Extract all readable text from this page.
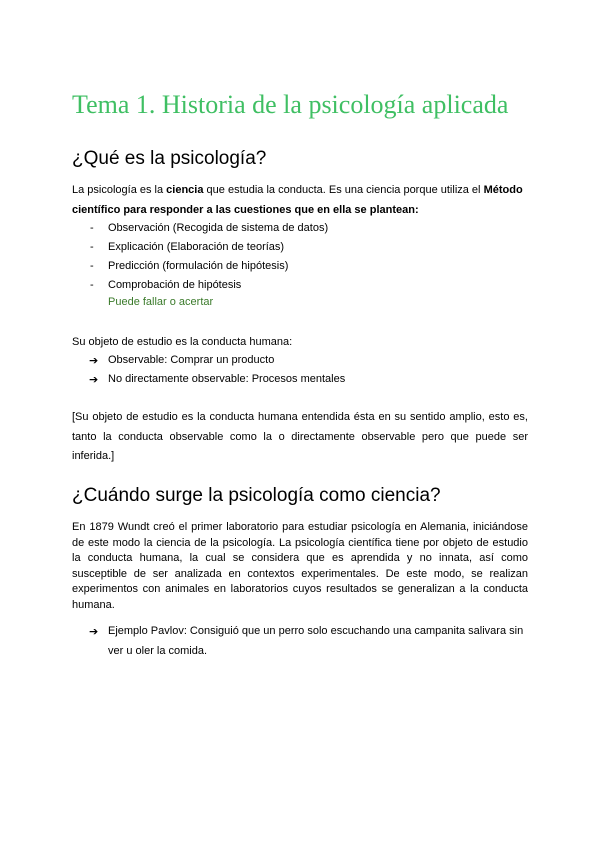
Tema 1. Historia de la psicología aplicada
¿Qué es la psicología?

La psicología es la ciencia que estudia la conducta. Es una ciencia porque utiliza el Método científico para responder a las cuestiones que en ella se plantean:

- Observación (Recogida de sistema de datos)
- Explicación (Elaboración de teorías)
- Predicción (formulación de hipótesis)
- Comprobación de hipótesis
Puede fallar o acertar

Su objeto de estudio es la conducta humana:

➔ Observable: Comprar un producto
➔ No directamente observable: Procesos mentales

[Su objeto de estudio es la conducta humana entendida ésta en su sentido amplio, esto es, tanto la conducta observable como la o directamente observable pero que puede ser inferida.]

¿Cuándo surge la psicología como ciencia?

En 1879 Wundt creó el primer laboratorio para estudiar psicología en Alemania, iniciándose de este modo la ciencia de la psicología. La psicología científica tiene por objeto de estudio la conducta humana, la cual se considera que es aprendida y no innata, así como susceptible de ser analizada en contextos experimentales. De este modo, se realizan experimentos con animales en laboratorios cuyos resultados se generalizan a la conducta humana.

➔ Ejemplo Pavlov: Consiguió que un perro solo escuchando una campanita salivara sin ver u oler la comida.
